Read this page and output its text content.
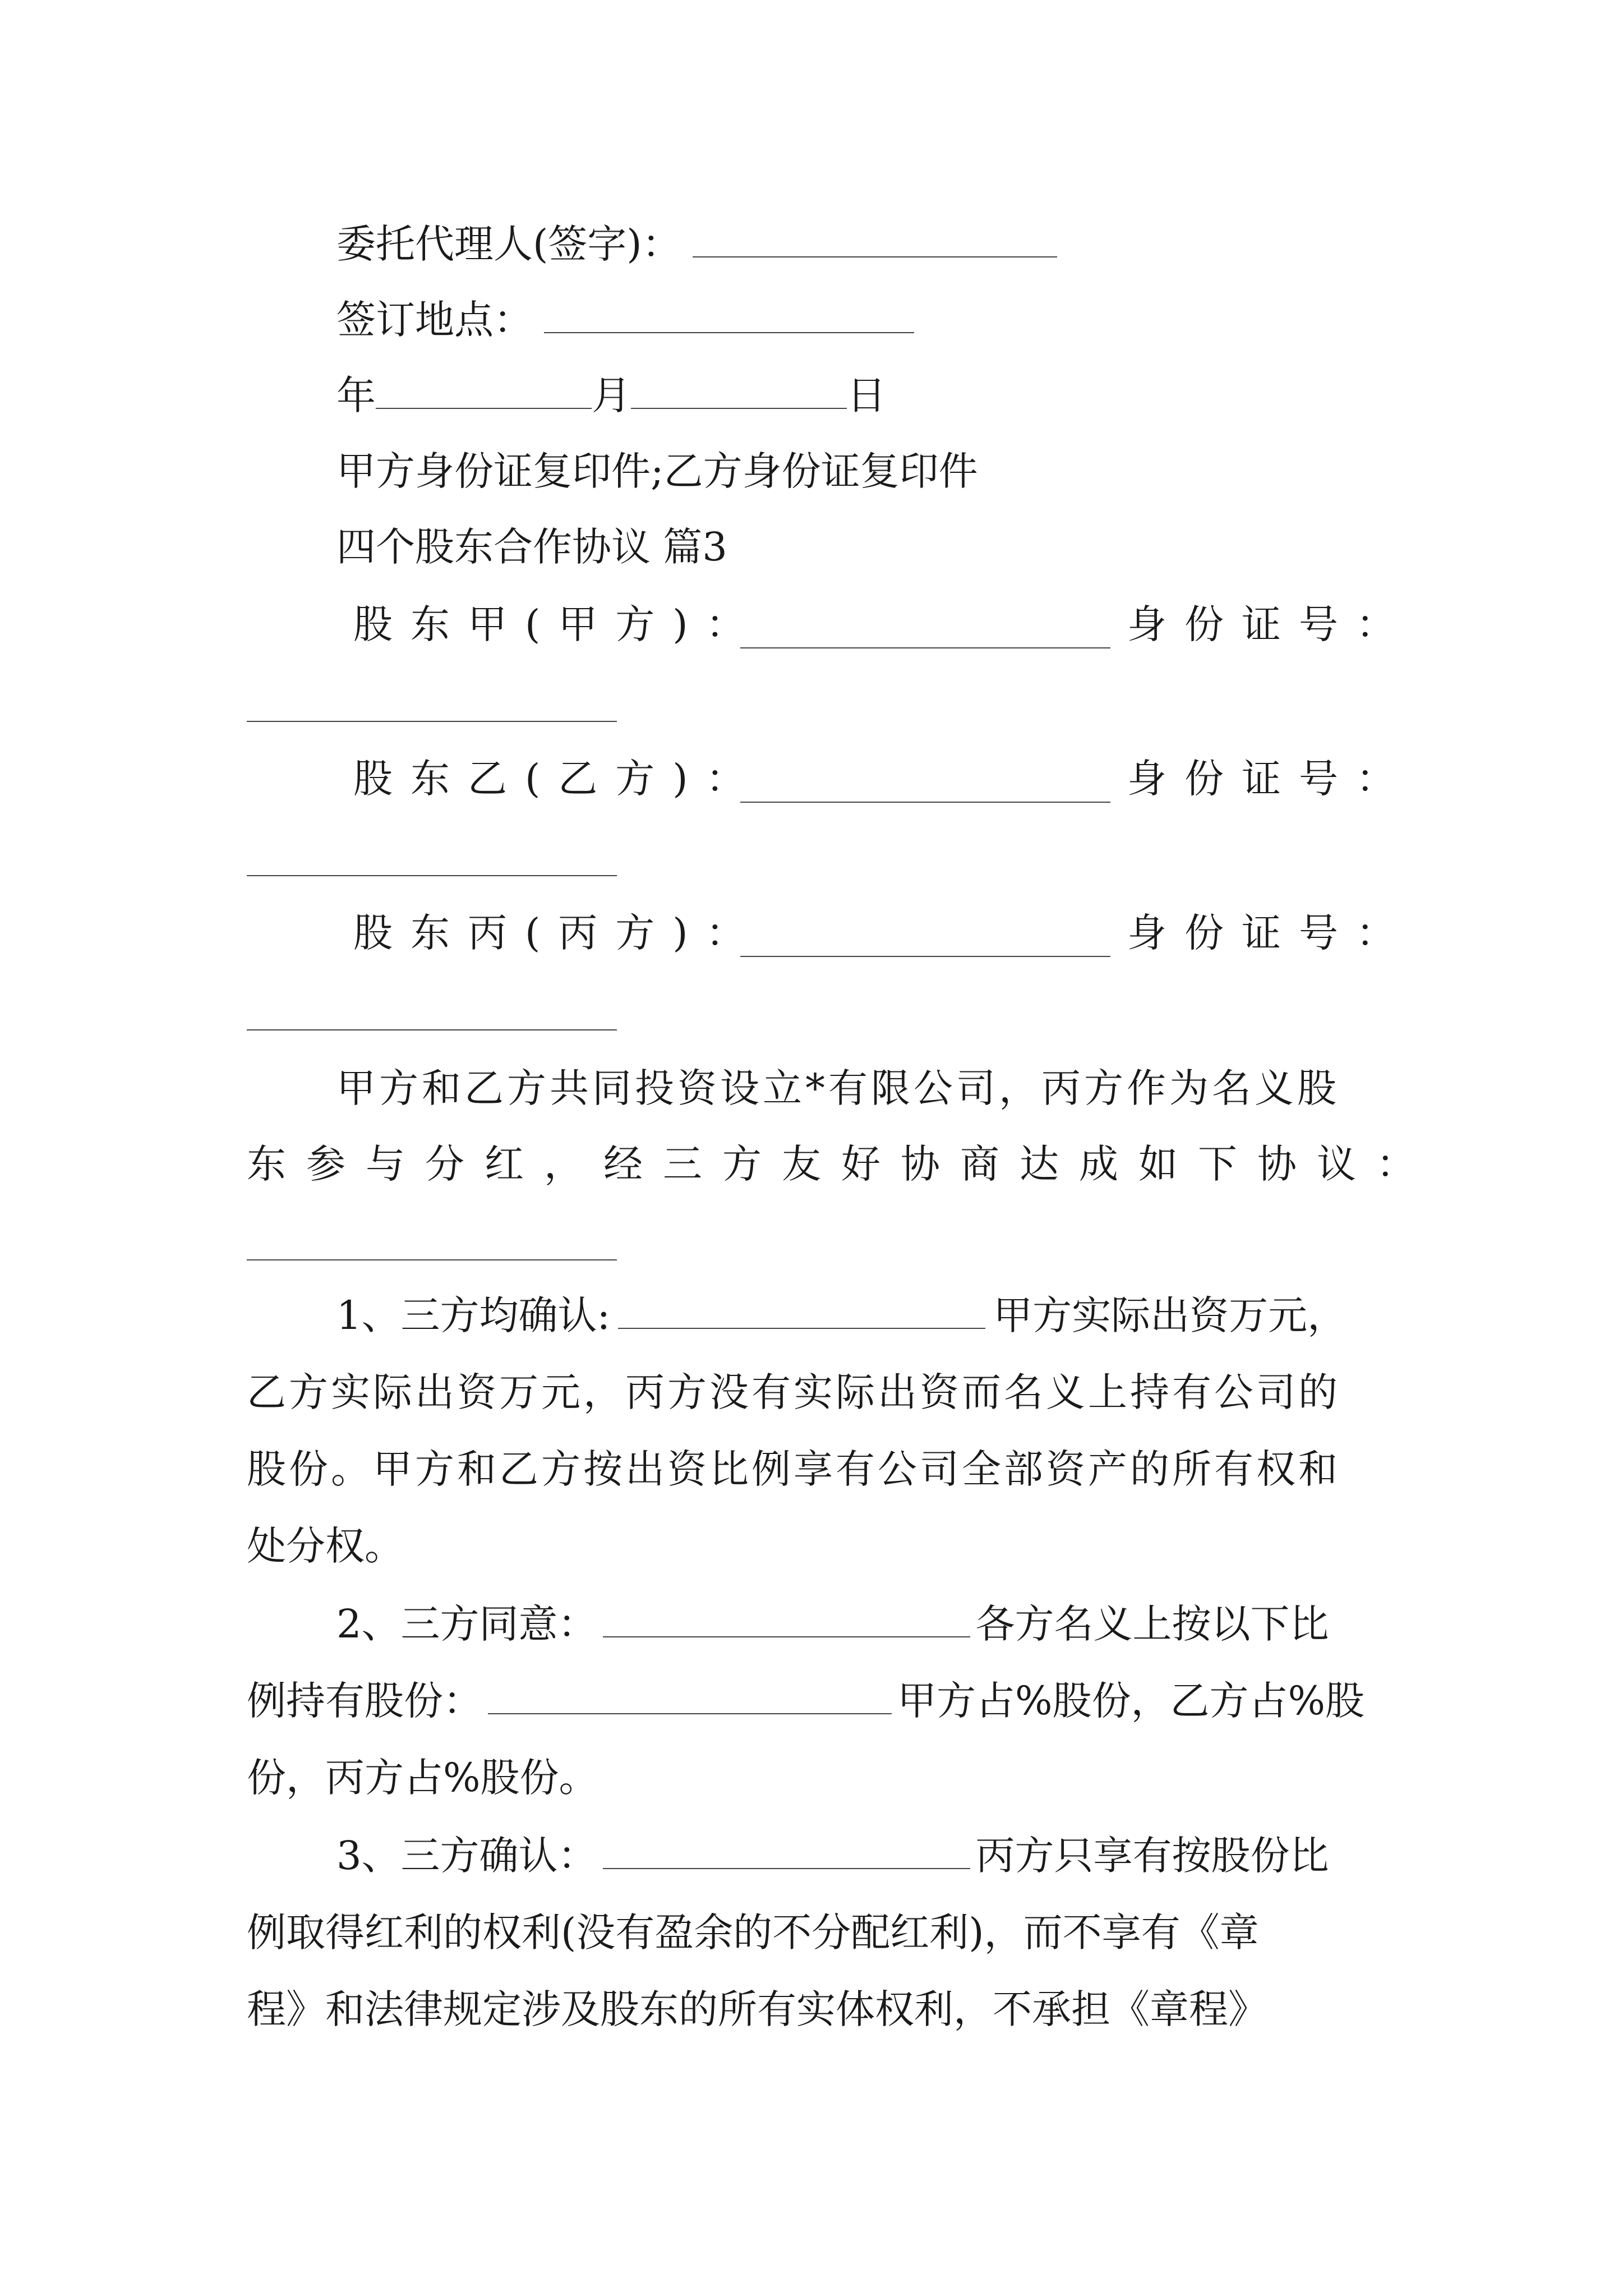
委托代理人(签字)：
签订地点：
年	月	日
甲方身份证复印件;乙方身份证复印件
四个股东合作协议 篇3
股东甲(甲方)：	身份证号：
股东乙(乙方)：	身份证号：
股东丙(丙方)：	身份证号：
甲方和乙方共同投资设立*有限公司，丙方作为名义股
东参与分红，经三方友好协商达成如下协议：
1、三方均确认:	甲方实际出资万元，
乙方实际出资万元，丙方没有实际出资而名义上持有公司的
股份。甲方和乙方按出资比例享有公司全部资产的所有权和
处分权。
2、三方同意：	各方名义上按以下比
例持有股份：	甲方占%股份，乙方占%股
份，丙方占%股份。
3、三方确认：	丙方只享有按股份比
例取得红利的权利(没有盈余的不分配红利)，而不享有《章
程》和法律规定涉及股东的所有实体权利，不承担《章程》
